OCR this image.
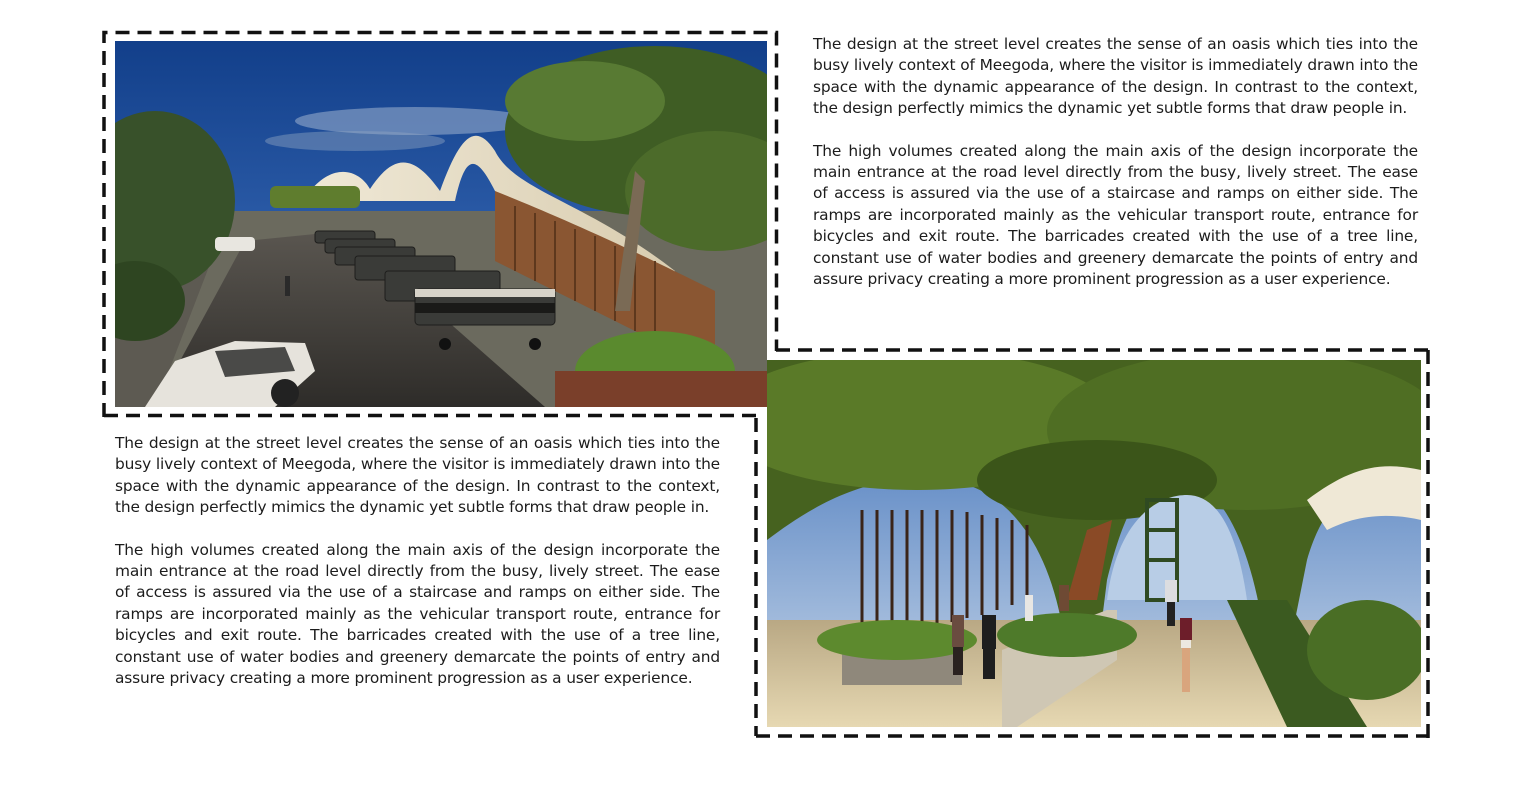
The design at the street level creates the sense of an oasis which ties into the busy lively context of Meegoda, where the visitor is immediately drawn into the space with the dynamic appearance of the design. In contrast to the context, the design perfectly mimics the dynamic yet subtle forms that draw people in.

The high volumes created along the main axis of the design incorporate the main entrance at the road level directly from the busy, lively street. The ease of access is assured via the use of a staircase and ramps on either side. The ramps are incorporated mainly as the vehicular transport route, entrance for bicycles and exit route. The barricades created with the use of a tree line, constant use of water bodies and greenery demarcate the points of entry and assure privacy creating a more prominent progression as a user experience.

The design at the street level creates the sense of an oasis which ties into the busy lively context of Meegoda, where the visitor is immediately drawn into the space with the dynamic appearance of the design. In contrast to the context, the design perfectly mimics the dynamic yet subtle forms that draw people in.

The high volumes created along the main axis of the design incorporate the main entrance at the road level directly from the busy, lively street. The ease of access is assured via the use of a staircase and ramps on either side. The ramps are incorporated mainly as the vehicular transport route, entrance for bicycles and exit route. The barricades created with the use of a tree line, constant use of water bodies and greenery demarcate the points of entry and assure privacy creating a more prominent progression as a user experience.
